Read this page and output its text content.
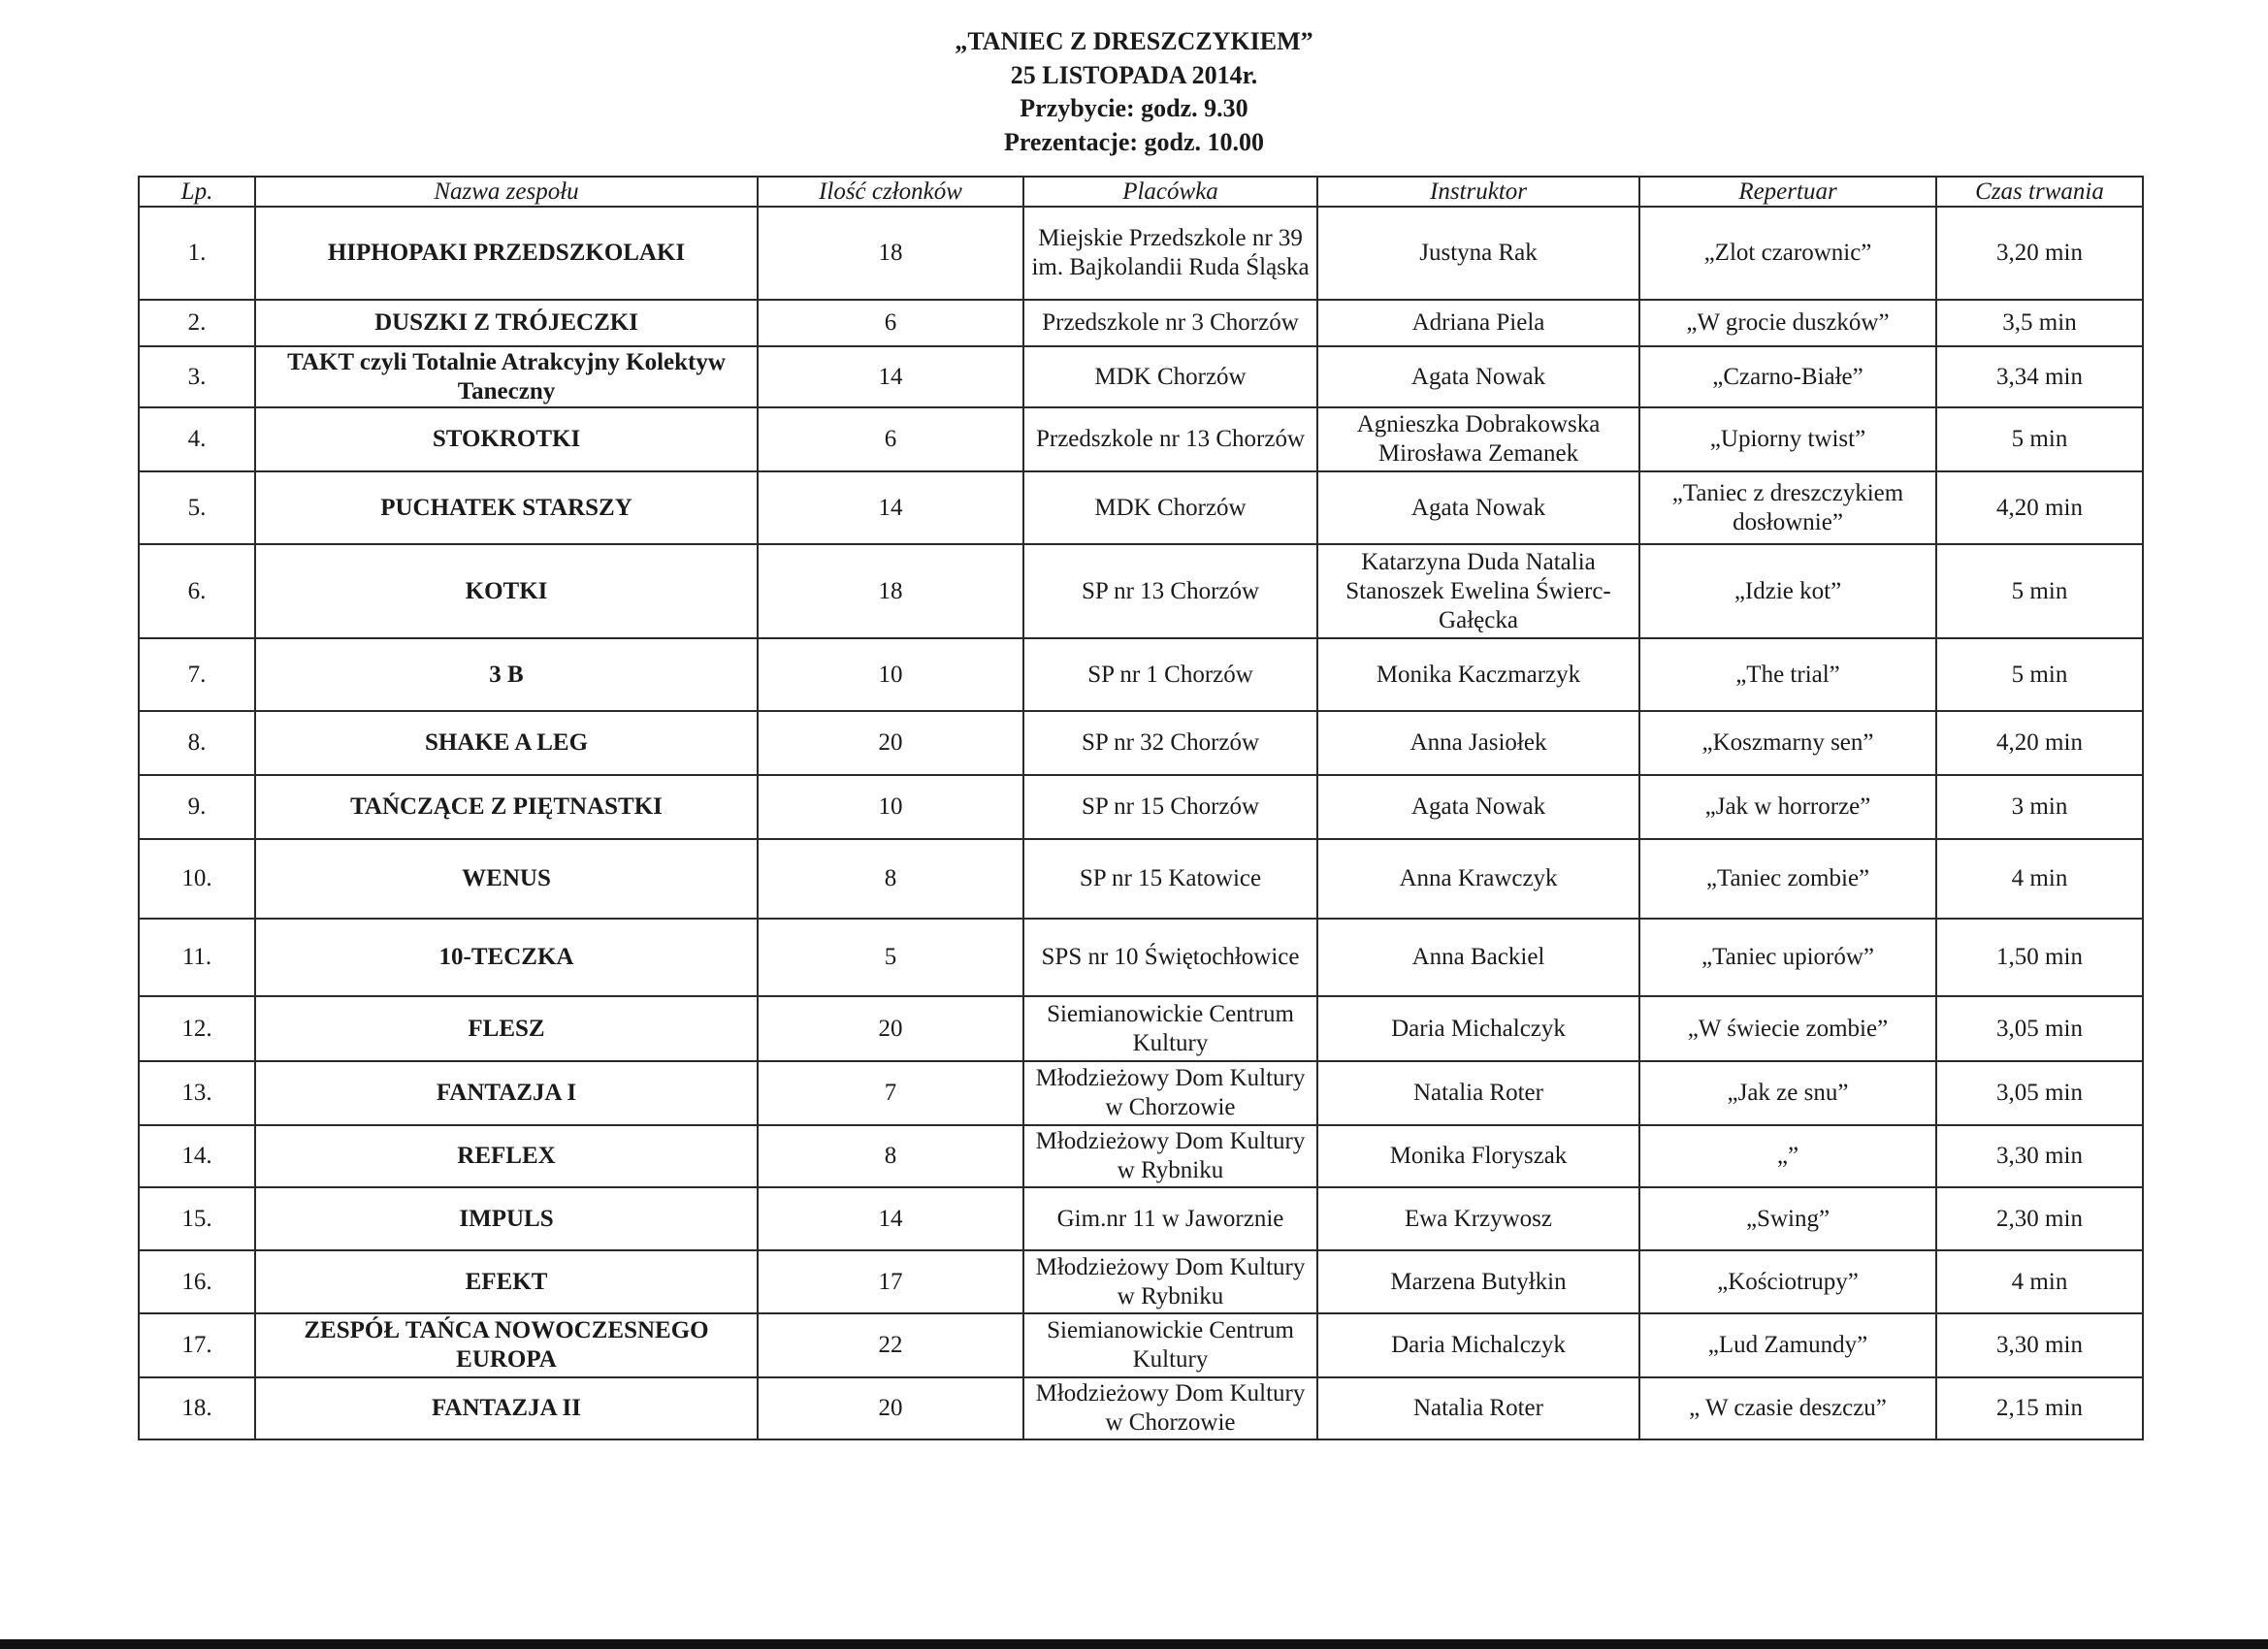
„TANIEC Z DRESZCZYKIEM”
25 LISTOPADA 2014r.
Przybycie: godz. 9.30
Prezentacje: godz. 10.00
Lp.	Nazwa zespołu	Ilość członków	Placówka	Instruktor	Repertuar	Czas trwania
1.	HIPHOPAKI PRZEDSZKOLAKI	18	Miejskie Przedszkole nr 39 im. Bajkolandii Ruda Śląska	Justyna Rak	„Zlot czarownic”	3,20 min
2.	DUSZKI Z TRÓJECZKI	6	Przedszkole nr 3 Chorzów	Adriana Piela	„W grocie duszków”	3,5 min
3.	TAKT czyli Totalnie Atrakcyjny Kolektyw Taneczny	14	MDK Chorzów	Agata Nowak	„Czarno-Białe”	3,34 min
4.	STOKROTKI	6	Przedszkole nr 13 Chorzów	Agnieszka Dobrakowska Mirosława Zemanek	„Upiorny twist”	5 min
5.	PUCHATEK STARSZY	14	MDK Chorzów	Agata Nowak	„Taniec z dreszczykiem dosłownie”	4,20 min
6.	KOTKI	18	SP nr 13 Chorzów	Katarzyna Duda Natalia Stanoszek Ewelina Świerc-Gałęcka	„Idzie kot”	5 min
7.	3 B	10	SP nr 1 Chorzów	Monika Kaczmarzyk	„The trial”	5 min
8.	SHAKE A LEG	20	SP nr 32 Chorzów	Anna Jasiołek	„Koszmarny sen”	4,20 min
9.	TAŃCZĄCE Z PIĘTNASTKI	10	SP nr 15 Chorzów	Agata Nowak	„Jak w horrorze”	3 min
10.	WENUS	8	SP nr 15 Katowice	Anna Krawczyk	„Taniec zombie”	4 min
11.	10-TECZKA	5	SPS nr 10 Świętochłowice	Anna Backiel	„Taniec upiorów”	1,50 min
12.	FLESZ	20	Siemianowickie Centrum Kultury	Daria Michalczyk	„W świecie zombie”	3,05 min
13.	FANTAZJA I	7	Młodzieżowy Dom Kultury w Chorzowie	Natalia Roter	„Jak ze snu”	3,05 min
14.	REFLEX	8	Młodzieżowy Dom Kultury w Rybniku	Monika Floryszak	„”	3,30 min
15.	IMPULS	14	Gim.nr 11 w Jaworznie	Ewa Krzywosz	„Swing”	2,30 min
16.	EFEKT	17	Młodzieżowy Dom Kultury w Rybniku	Marzena Butyłkin	„Kościotrupy”	4 min
17.	ZESPÓŁ TAŃCA NOWOCZESNEGO EUROPA	22	Siemianowickie Centrum Kultury	Daria Michalczyk	„Lud Zamundy”	3,30 min
18.	FANTAZJA II	20	Młodzieżowy Dom Kultury w Chorzowie	Natalia Roter	„ W czasie deszczu”	2,15 min
